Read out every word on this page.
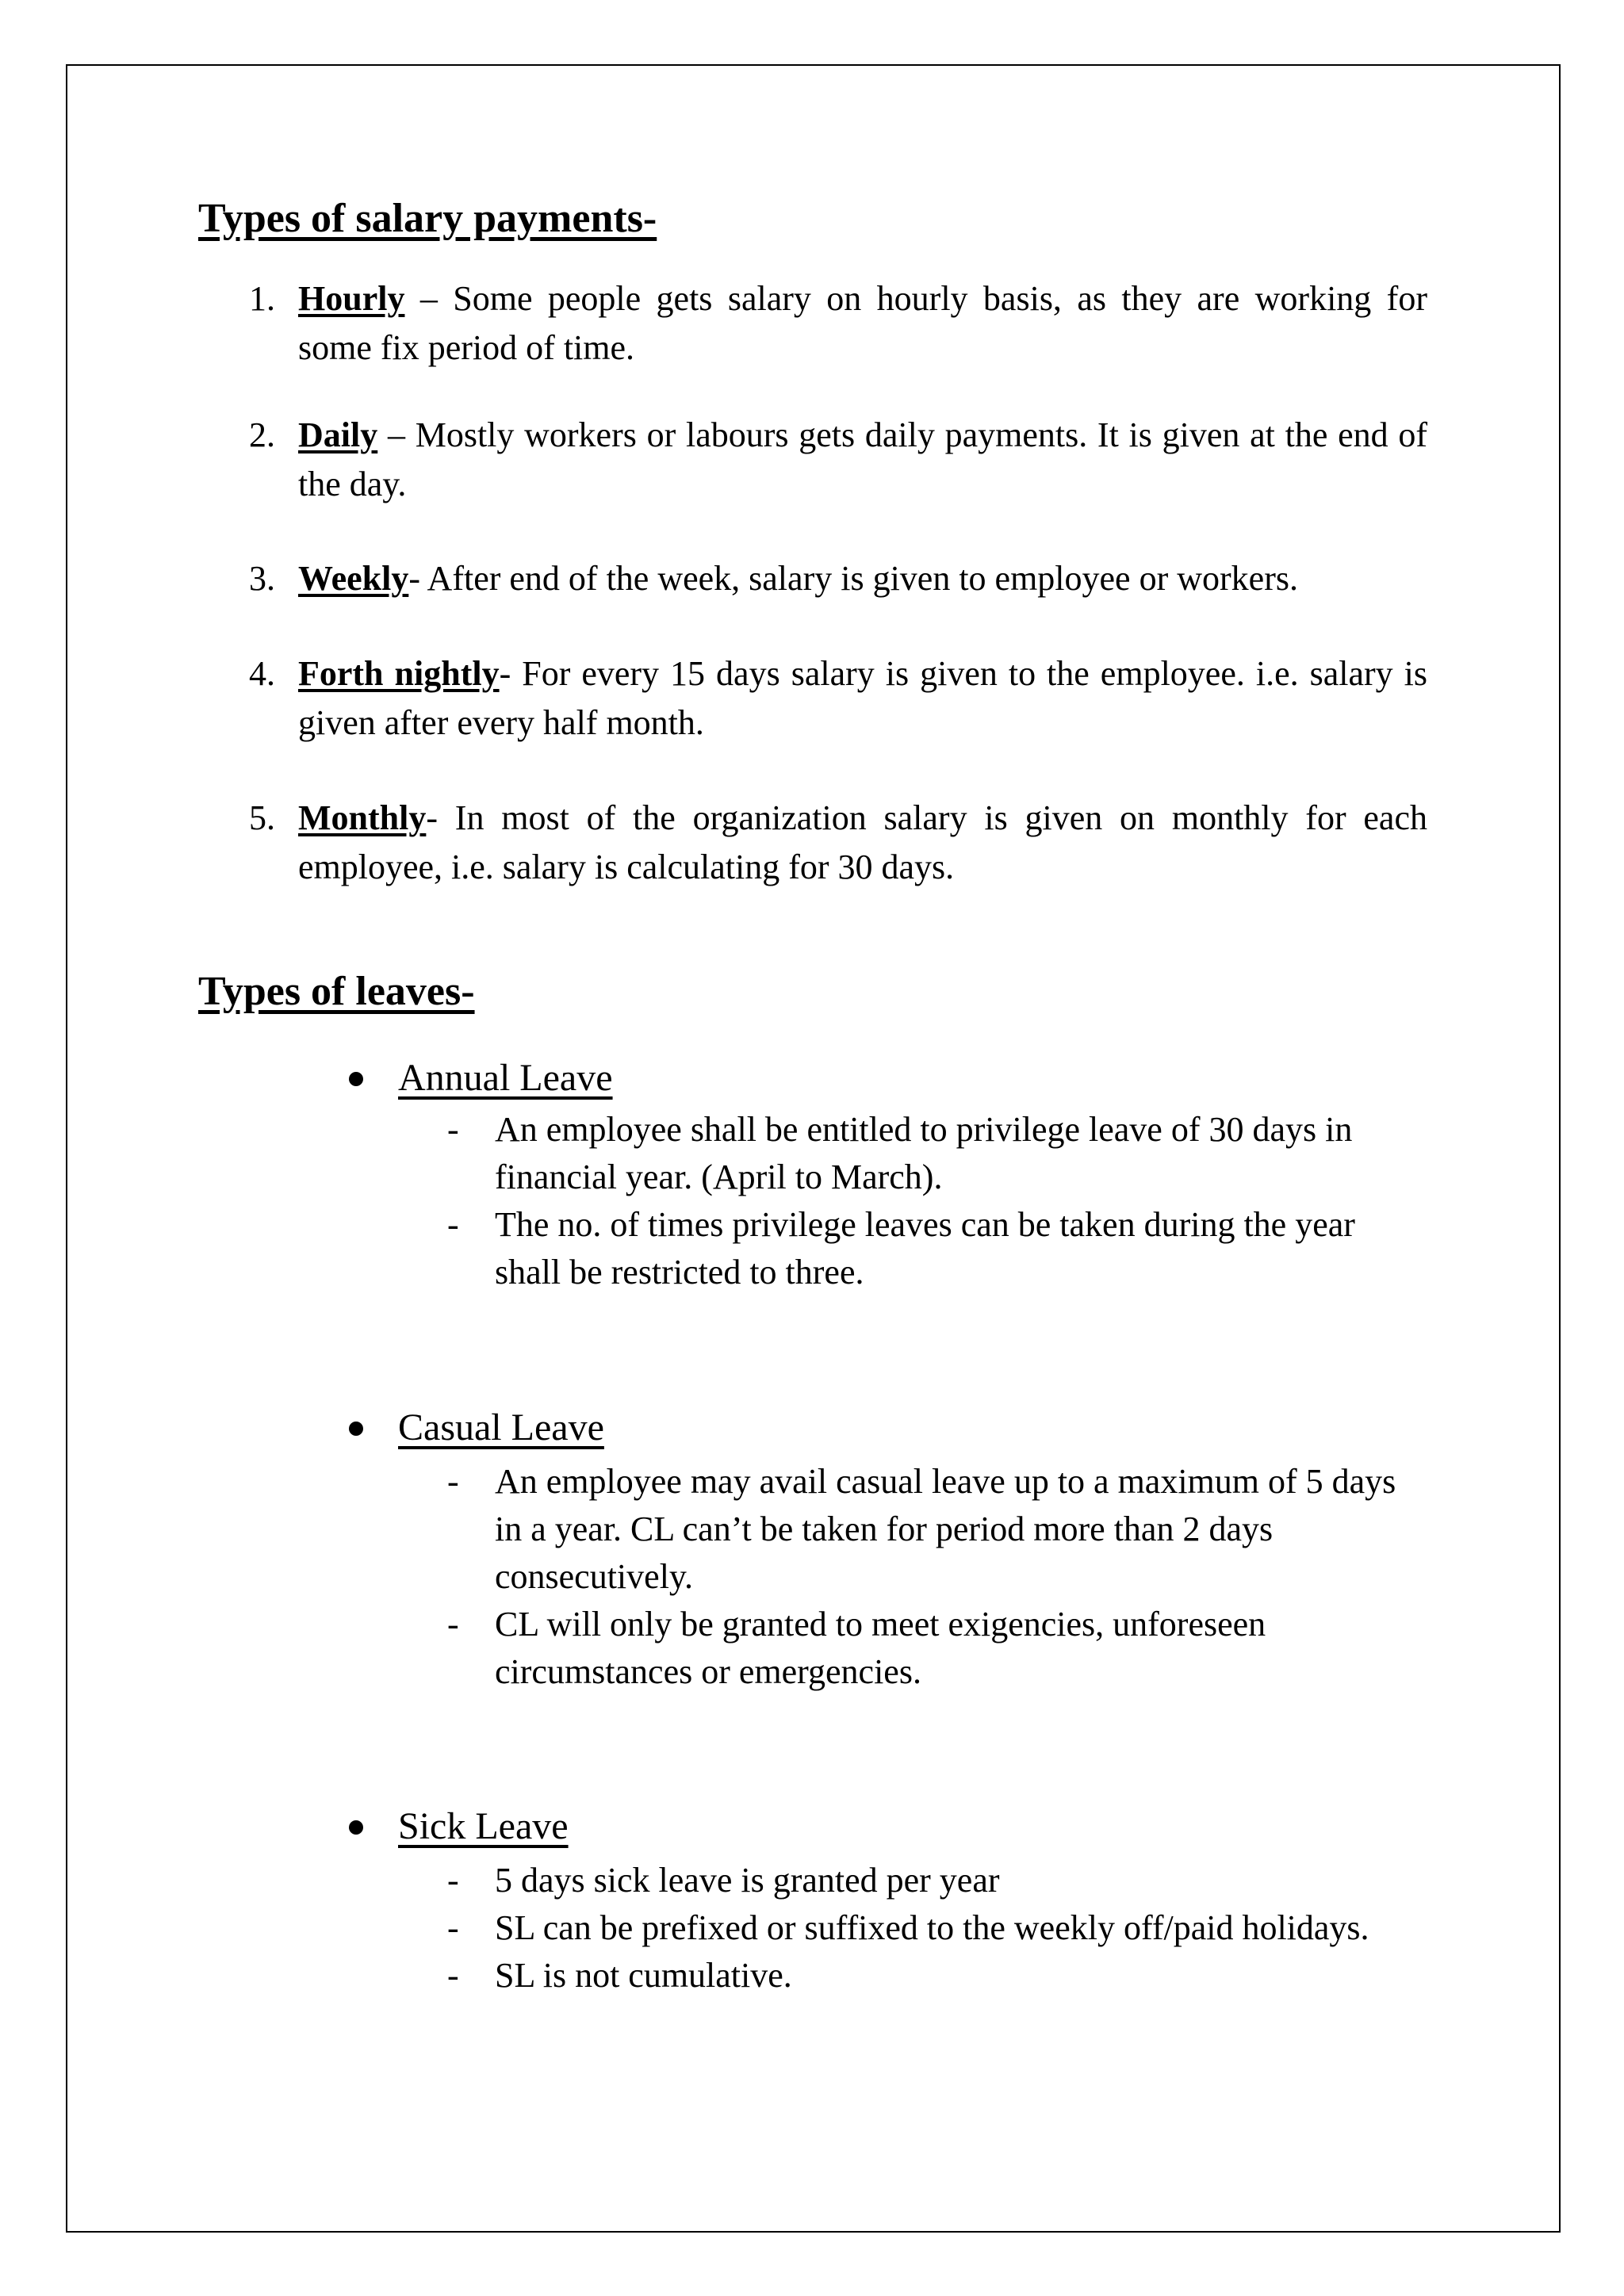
Types of salary payments-
1. Hourly – Some people gets salary on hourly basis, as they are working for
some fix period of time.
2. Daily – Mostly workers or labours gets daily payments. It is given at the end of
the day.
3. Weekly- After end of the week, salary is given to employee or workers.
4. Forth nightly- For every 15 days salary is given to the employee. i.e. salary is
given after every half month.
5. Monthly- In most of the organization salary is given on monthly for each
employee, i.e. salary is calculating for 30 days.
Types of leaves-
Annual Leave
- An employee shall be entitled to privilege leave of 30 days in
financial year. (April to March).
- The no. of times privilege leaves can be taken during the year
shall be restricted to three.
Casual Leave
- An employee may avail casual leave up to a maximum of 5 days
in a year. CL can’t be taken for period more than 2 days
consecutively.
- CL will only be granted to meet exigencies, unforeseen
circumstances or emergencies.
Sick Leave
- 5 days sick leave is granted per year
- SL can be prefixed or suffixed to the weekly off/paid holidays.
- SL is not cumulative.
